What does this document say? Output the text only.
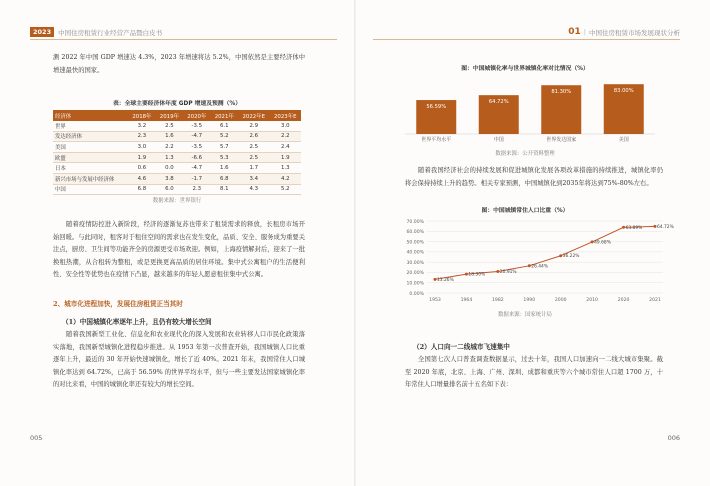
2023	中国住房租赁行业经营产品暨白皮书

测 2022 年中国 GDP 增速达 4.3%，2023 年增速将达 5.2%，中国依然是主要经济体中增速最快的国家。

表：全球主要经济体年度 GDP 增速及预测（%）
经济体	2018年	2019年	2020年	2021年	2022年E	2023年E
世界	3.2	2.5	-3.5	6.1	2.9	3.0
发达经济体	2.3	1.6	-4.7	5.2	2.6	2.2
美国	3.0	2.2	-3.5	5.7	2.5	2.4
欧盟	1.9	1.3	-6.6	5.3	2.5	1.9
日本	0.6	0.0	-4.7	1.6	1.7	1.3
新兴市场与发展中经济体	4.6	3.8	-1.7	6.8	3.4	4.2
中国	6.8	6.0	2.3	8.1	4.3	5.2
数据来源：世界银行

随着疫情防控进入新阶段，经济的逐渐复苏也带来了租赁需求的释放，长租房市场开始回暖。与此同时，租客对于租住空间的需求也在发生变化，品质、安全、服务成为重要关注点，厨房、卫生间等功能齐全的房源更受市场欢迎。例如，上海疫情解封后，迎来了一批换租热潮，从合租转为整租，或是更换更高品质的居住环境。集中式公寓租户的生活便利性、安全性等优势也在疫情下凸显，越来越多的年轻人愿意租住集中式公寓。

2、城市化进程加快，发展住房租赁正当其时
（1）中国城镇化率逐年上升，且仍有较大增长空间

随着我国新型工业化、信息化和农业现代化的深入发展和农业转移人口市民化政策落实落地，我国新型城镇化进程稳步推进。从 1953 年第一次普查开始，我国城镇人口比重逐年上升，最近的 30 年开始快速城镇化，增长了近 40%。2021 年末，我国常住人口城镇化率达到 64.72%，已高于 56.59% 的世界平均水平，但与一些主要发达国家城镇化率的对比来看，中国的城镇化率还有较大的增长空间。

005
01 | 中国住房租赁市场发展现状分析
图：中国城镇化率与世界城镇化率对比情况（%）
56.59%
世界平均水平
64.72%
中国
81.30%
世界发达国家
83.00%
美国
数据来源：公开资料整理

随着我国经济社会的持续发展和促进城镇化发展各项改革措施的持续推进，城镇化率仍将会保持持续上升的趋势。相关专家预测，中国城镇化到2035年将达到75%-80%左右。

图：中国城镇常住人口比重（%）
0.00%
10.00%
20.00%
30.00%
40.00%
50.00%
60.00%
70.00%
13.26%
1953
18.30%
1964
20.91%
1982
26.44%
1990
36.22%
2000
49.68%
2010
63.89%
2020
64.72%
2021
数据来源：国家统计局
（2）人口向一二线城市飞速集中

全国第七次人口普查调查数据显示，过去十年，我国人口加速向一二线大城市集聚。截至 2020 年底，北京、上海、广州、深圳、成都和重庆等六个城市常住人口超 1700 万，十年常住人口增量排名前十五名如下表：

006
